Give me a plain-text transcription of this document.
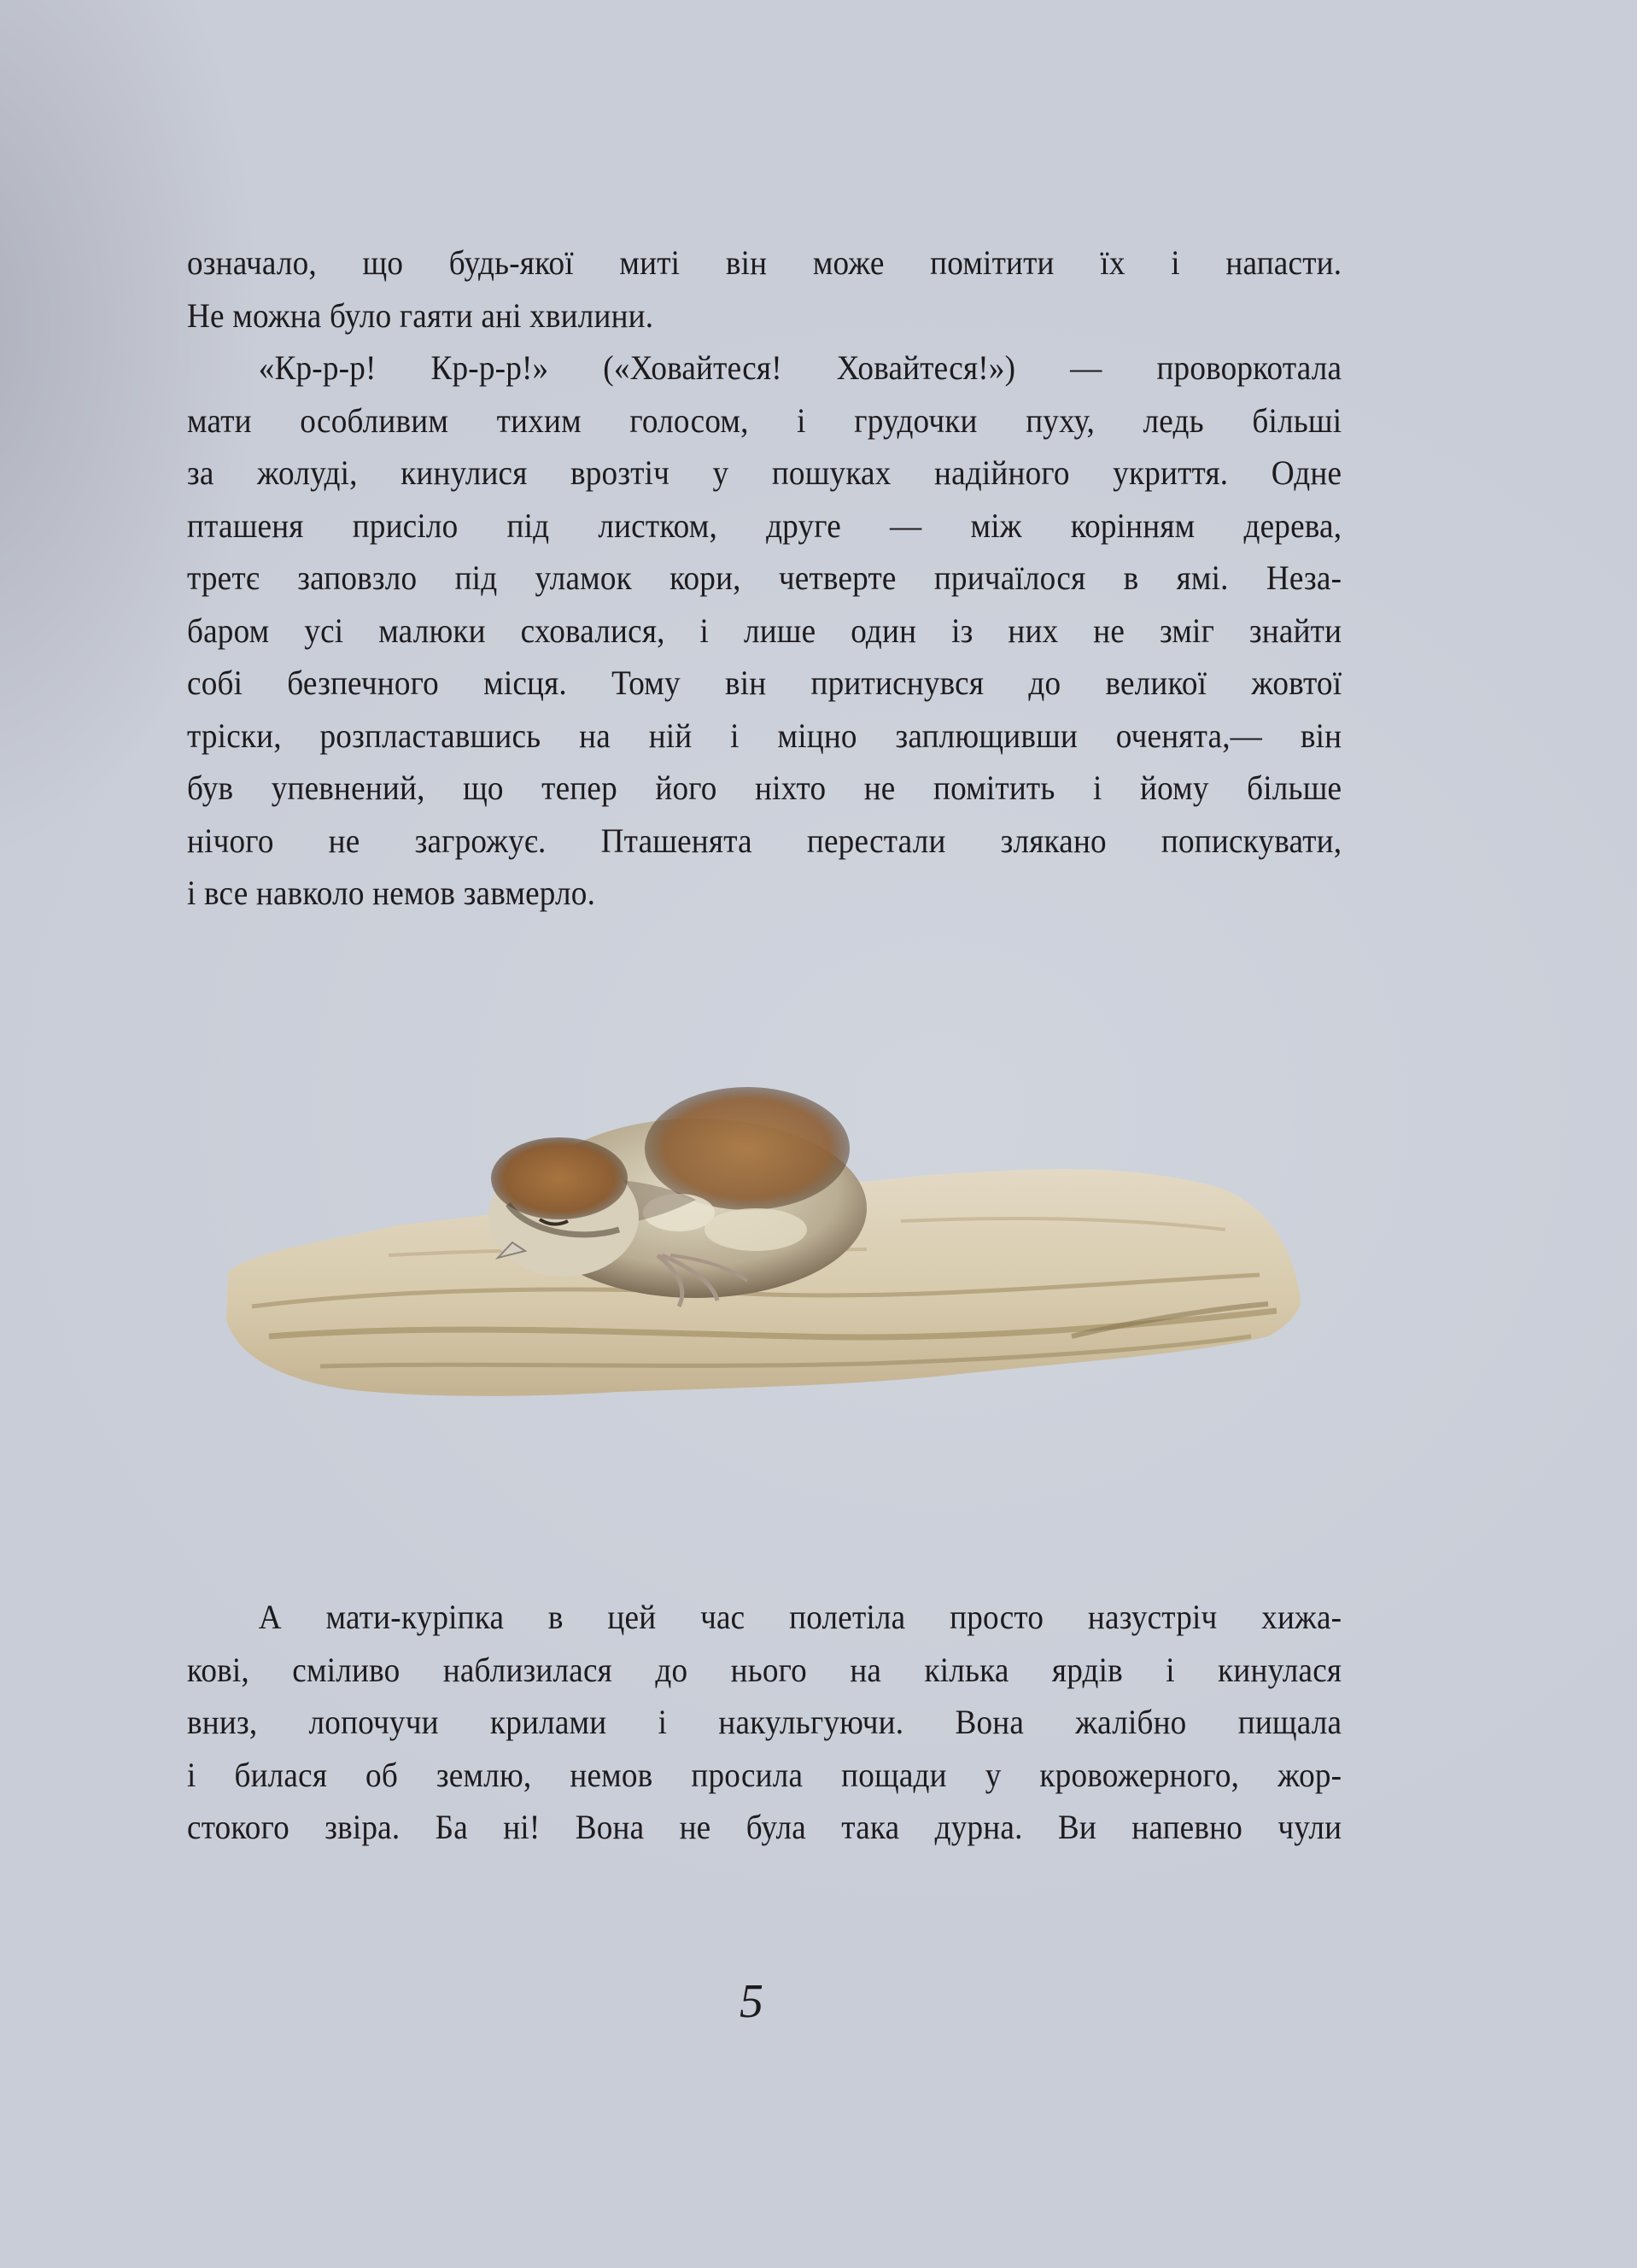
означало, що будь-якої миті він може помітити їх і напасти.
Не можна було гаяти ані хвилини.
«Кр-р-р! Кр-р-р!» («Ховайтеся! Ховайтеся!») — проворкотала
мати особливим тихим голосом, і грудочки пуху, ледь більші
за жолуді, кинулися врозтіч у пошуках надійного укриття. Одне
пташеня присіло під листком, друге — між корінням дерева,
третє заповзло під уламок кори, четверте причаїлося в ямі. Неза-
баром усі малюки сховалися, і лише один із них не зміг знайти
собі безпечного місця. Тому він притиснувся до великої жовтої
тріски, розпластавшись на ній і міцно заплющивши оченята,— він
був упевнений, що тепер його ніхто не помітить і йому більше
нічого не загрожує. Пташенята перестали злякано попискувати,
і все навколо немов завмерло.
А мати-куріпка в цей час полетіла просто назустріч хижа-
кові, сміливо наблизилася до нього на кілька ярдів і кинулася
вниз, лопочучи крилами і накульгуючи. Вона жалібно пищала
і билася об землю, немов просила пощади у кровожерного, жор-
стокого звіра. Ба ні! Вона не була така дурна. Ви напевно чули
5
